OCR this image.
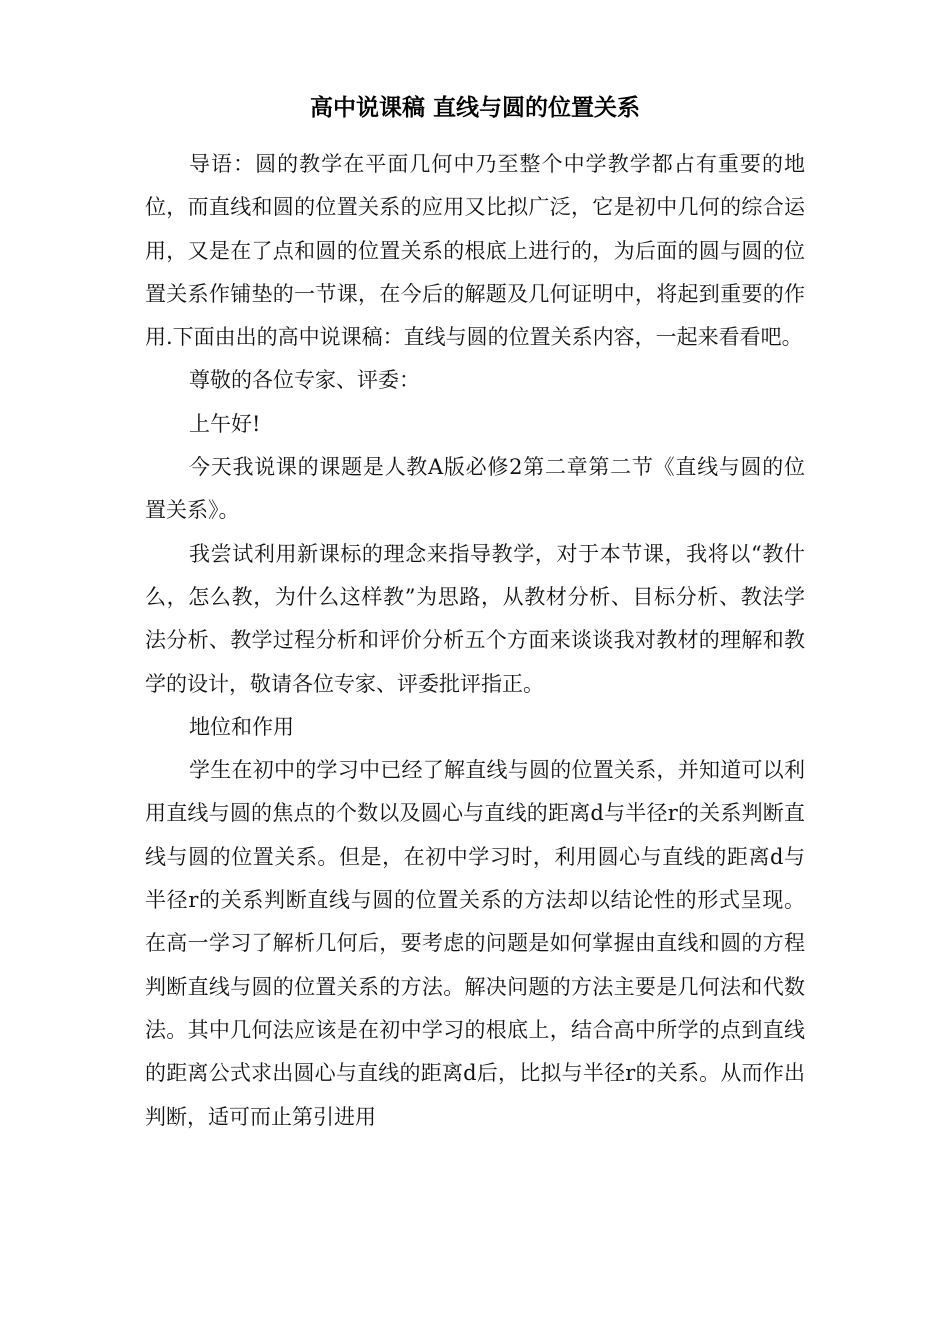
高中说课稿 直线与圆的位置关系

导语：圆的教学在平面几何中乃至整个中学教学都占有重要的地位，而直线和圆的位置关系的应用又比拟广泛，它是初中几何的综合运用，又是在了点和圆的位置关系的根底上进行的，为后面的圆与圆的位置关系作铺垫的一节课，在今后的解题及几何证明中，将起到重要的作用.下面由出的高中说课稿：直线与圆的位置关系内容，一起来看看吧。

尊敬的各位专家、评委：

上午好!

今天我说课的课题是人教A版必修2第二章第二节《直线与圆的位置关系》。

我尝试利用新课标的理念来指导教学，对于本节课，我将以“教什么，怎么教，为什么这样教”为思路，从教材分析、目标分析、教法学法分析、教学过程分析和评价分析五个方面来谈谈我对教材的理解和教学的设计，敬请各位专家、评委批评指正。

地位和作用

学生在初中的学习中已经了解直线与圆的位置关系，并知道可以利用直线与圆的焦点的个数以及圆心与直线的距离d与半径r的关系判断直线与圆的位置关系。但是，在初中学习时，利用圆心与直线的距离d与半径r的关系判断直线与圆的位置关系的方法却以结论性的形式呈现。在高一学习了解析几何后，要考虑的问题是如何掌握由直线和圆的方程判断直线与圆的位置关系的方法。解决问题的方法主要是几何法和代数法。其中几何法应该是在初中学习的根底上，结合高中所学的点到直线的距离公式求出圆心与直线的距离d后，比拟与半径r的关系。从而作出判断，适可而止第引进用
